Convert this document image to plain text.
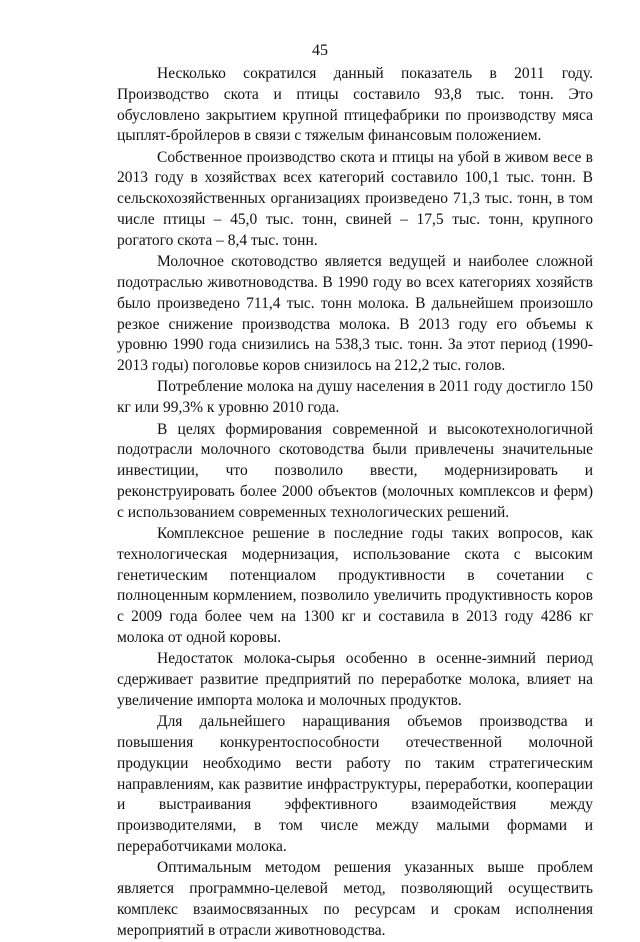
45

Несколько сократился данный показатель в 2011 году. Производство скота и птицы составило 93,8 тыс. тонн. Это обусловлено закрытием крупной птицефабрики по производству мяса цыплят-бройлеров в связи с тяжелым финансовым положением.

Собственное производство скота и птицы на убой в живом весе в 2013 году в хозяйствах всех категорий составило 100,1 тыс. тонн. В сельскохозяйственных организациях произведено 71,3 тыс. тонн, в том числе птицы – 45,0 тыс. тонн, свиней – 17,5 тыс. тонн, крупного рогатого скота – 8,4 тыс. тонн.

Молочное скотоводство является ведущей и наиболее сложной подотраслью животноводства. В 1990 году во всех категориях хозяйств было произведено 711,4 тыс. тонн молока. В дальнейшем произошло резкое снижение производства молока. В 2013 году его объемы к уровню 1990 года снизились на 538,3 тыс. тонн. За этот период (1990-2013 годы) поголовье коров снизилось на 212,2 тыс. голов.

Потребление молока на душу населения в 2011 году достигло 150 кг или 99,3% к уровню 2010 года.

В целях формирования современной и высокотехнологичной подотрасли молочного скотоводства были привлечены значительные инвестиции, что позволило ввести, модернизировать и реконструировать более 2000 объектов (молочных комплексов и ферм) с использованием современных технологических решений.

Комплексное решение в последние годы таких вопросов, как технологическая модернизация, использование скота с высоким генетическим потенциалом продуктивности в сочетании с полноценным кормлением, позволило увеличить продуктивность коров с 2009 года более чем на 1300 кг и составила в 2013 году 4286 кг молока от одной коровы.

Недостаток молока-сырья особенно в осенне-зимний период сдерживает развитие предприятий по переработке молока, влияет на увеличение импорта молока и молочных продуктов.

Для дальнейшего наращивания объемов производства и повышения конкурентоспособности отечественной молочной продукции необходимо вести работу по таким стратегическим направлениям, как развитие инфраструктуры, переработки, кооперации и выстраивания эффективного взаимодействия между производителями, в том числе между малыми формами и переработчиками молока.

Оптимальным методом решения указанных выше проблем является программно-целевой метод, позволяющий осуществить комплекс взаимосвязанных по ресурсам и срокам исполнения мероприятий в отрасли животноводства.
